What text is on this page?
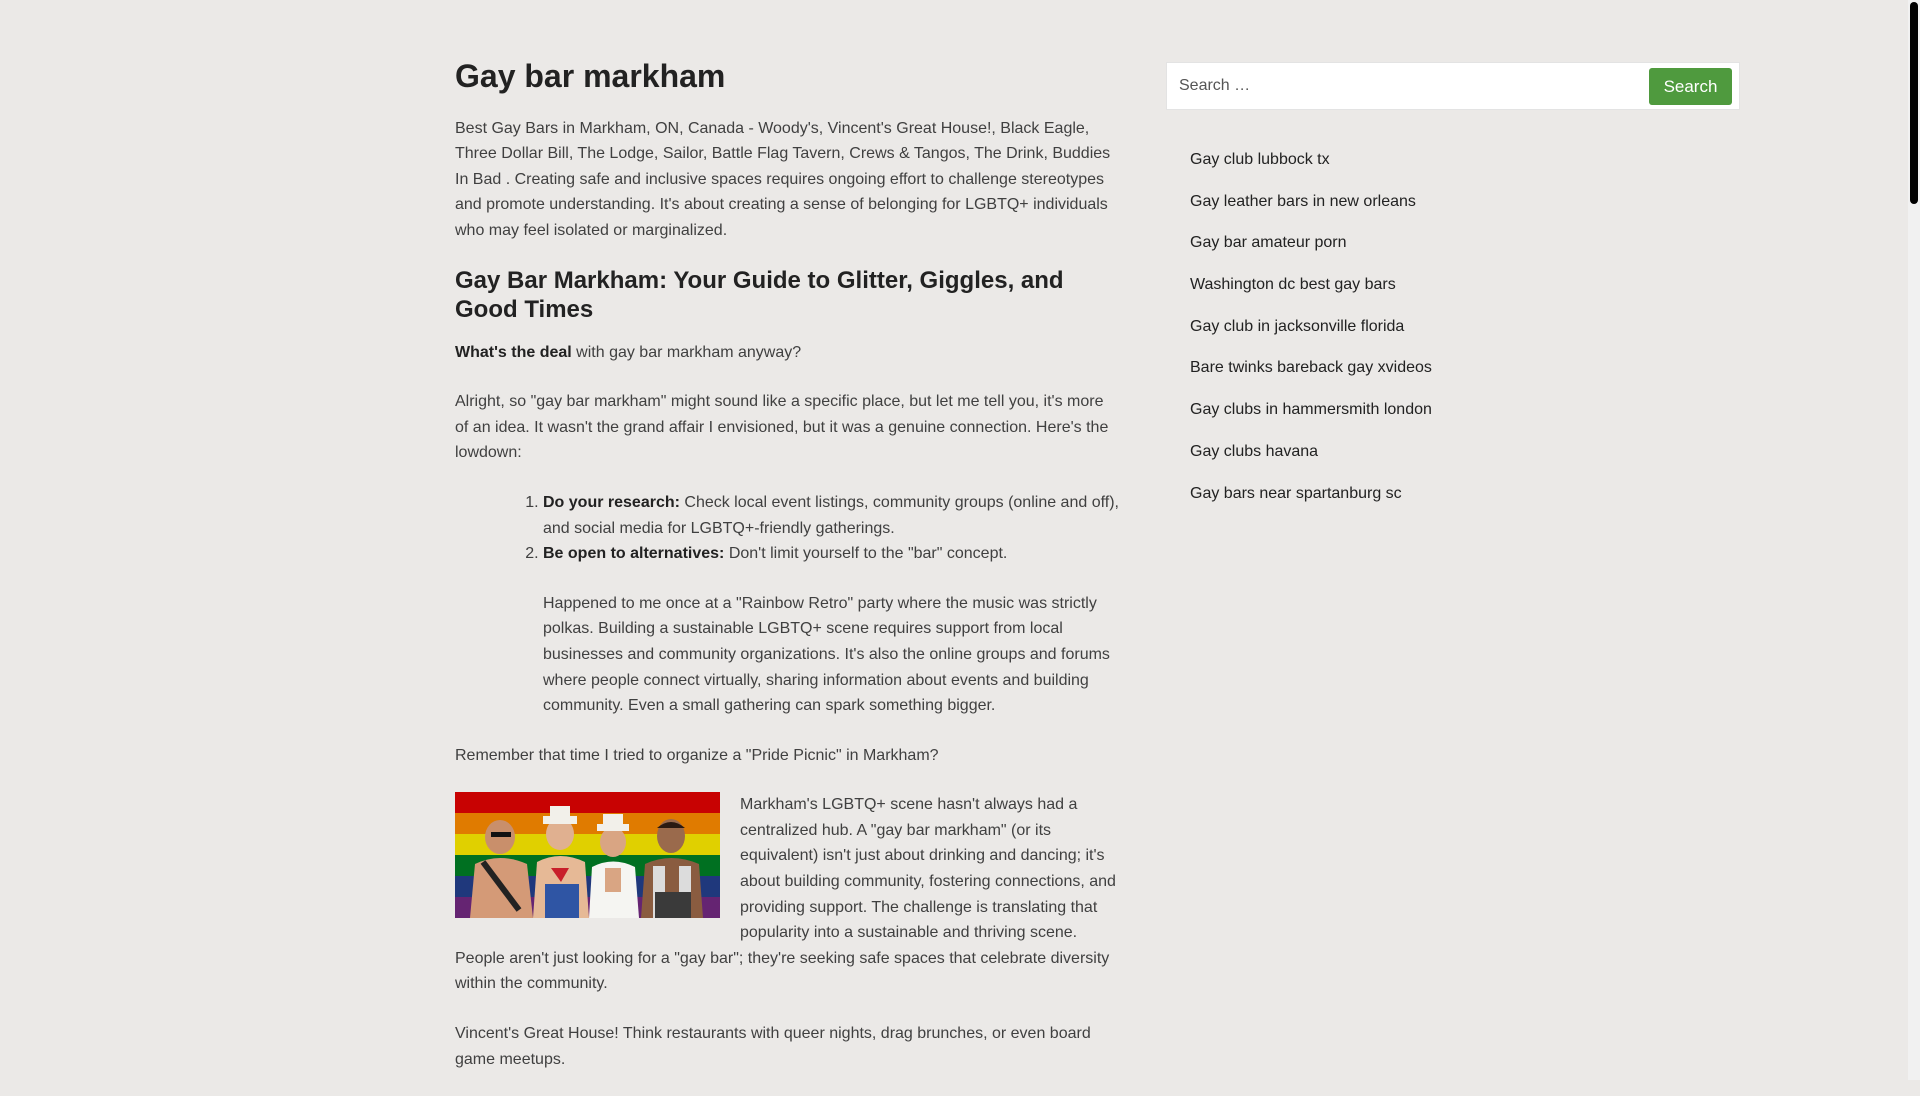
Gay bar markham

Best Gay Bars in Markham, ON, Canada - Woody's, Vincent's Great House!, Black Eagle, Three Dollar Bill, The Lodge, Sailor, Battle Flag Tavern, Crews & Tangos, The Drink, Buddies In Bad . Creating safe and inclusive spaces requires ongoing effort to challenge stereotypes and promote understanding. It's about creating a sense of belonging for LGBTQ+ individuals who may feel isolated or marginalized.

Gay Bar Markham: Your Guide to Glitter, Giggles, and Good Times

What's the deal with gay bar markham anyway?

Alright, so "gay bar markham" might sound like a specific place, but let me tell you, it's more of an idea. It wasn't the grand affair I envisioned, but it was a genuine connection. Here's the lowdown:

1. Do your research: Check local event listings, community groups (online and off), and social media for LGBTQ+-friendly gatherings.
2. Be open to alternatives: Don't limit yourself to the "bar" concept.
Happened to me once at a "Rainbow Retro" party where the music was strictly polkas. Building a sustainable LGBTQ+ scene requires support from local businesses and community organizations. It's also the online groups and forums where people connect virtually, sharing information about events and building community. Even a small gathering can spark something bigger.

Remember that time I tried to organize a "Pride Picnic" in Markham?

Markham's LGBTQ+ scene hasn't always had a centralized hub. A "gay bar markham" (or its equivalent) isn't just about drinking and dancing; it's about building community, fostering connections, and providing support. The challenge is translating that popularity into a sustainable and thriving scene. People aren't just looking for a "gay bar"; they're seeking safe spaces that celebrate diversity within the community.

Vincent's Great House! Think restaurants with queer nights, drag brunches, or even board game meetups.

Search …
Search
Gay club lubbock tx
Gay leather bars in new orleans
Gay bar amateur porn
Washington dc best gay bars
Gay club in jacksonville florida
Bare twinks bareback gay xvideos
Gay clubs in hammersmith london
Gay clubs havana
Gay bars near spartanburg sc
